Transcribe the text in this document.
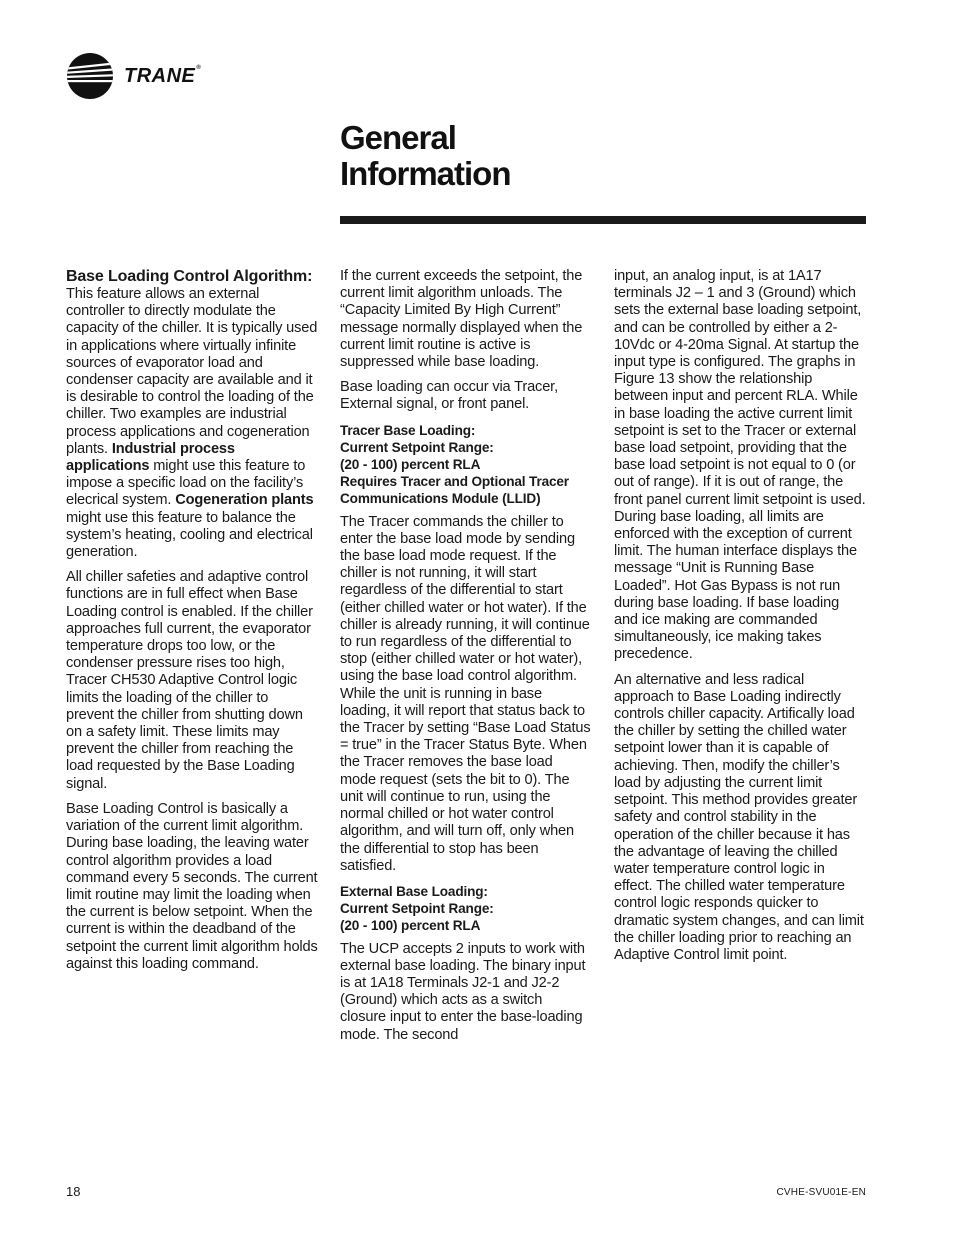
TRANE®
General
Information
Base Loading Control Algorithm:

This feature allows an external controller to directly modulate the capacity of the chiller. It is typically used in applications where virtually infinite sources of evaporator load and condenser capacity are available and it is desirable to control the loading of the chiller. Two examples are industrial process applications and cogeneration plants. Industrial process applications might use this feature to impose a specific load on the facility’s elecrical system. Cogeneration plants might use this feature to balance the system’s heating, cooling and electrical generation.

All chiller safeties and adaptive control functions are in full effect when Base Loading control is enabled. If the chiller approaches full current, the evaporator temperature drops too low, or the condenser pressure rises too high, Tracer CH530 Adaptive Control logic limits the loading of the chiller to prevent the chiller from shutting down on a safety limit. These limits may prevent the chiller from reaching the load requested by the Base Loading signal.

Base Loading Control is basically a variation of the current limit algorithm. During base loading, the leaving water control algorithm provides a load command every 5 seconds. The current limit routine may limit the loading when the current is below setpoint. When the current is within the deadband of the setpoint the current limit algorithm holds against this loading command.

If the current exceeds the setpoint, the current limit algorithm unloads. The “Capacity Limited By High Current” message normally displayed when the current limit routine is active is suppressed while base loading.

Base loading can occur via Tracer, External signal, or front panel.

Tracer Base Loading:
Current Setpoint Range:
(20 - 100) percent RLA
Requires Tracer and Optional Tracer Communications Module (LLID)

The Tracer commands the chiller to enter the base load mode by sending the base load mode request. If the chiller is not running, it will start regardless of the differential to start (either chilled water or hot water). If the chiller is already running, it will continue to run regardless of the differential to stop (either chilled water or hot water), using the base load control algorithm. While the unit is running in base loading, it will report that status back to the Tracer by setting “Base Load Status = true” in the Tracer Status Byte. When the Tracer removes the base load mode request (sets the bit to 0). The unit will continue to run, using the normal chilled or hot water control algorithm, and will turn off, only when the differential to stop has been satisfied.

External Base Loading:
Current Setpoint Range:
(20 - 100) percent RLA

The UCP accepts 2 inputs to work with external base loading. The binary input is at 1A18 Terminals J2-1 and J2-2 (Ground) which acts as a switch closure input to enter the base-loading mode. The second

input, an analog input, is at 1A17 terminals J2 – 1 and 3 (Ground) which sets the external base loading setpoint, and can be controlled by either a 2-10Vdc or 4-20ma Signal. At startup the input type is configured. The graphs in Figure 13 show the relationship between input and percent RLA. While in base loading the active current limit setpoint is set to the Tracer or external base load setpoint, providing that the base load setpoint is not equal to 0 (or out of range). If it is out of range, the front panel current limit setpoint is used. During base loading, all limits are enforced with the exception of current limit. The human interface displays the message “Unit is Running Base Loaded”. Hot Gas Bypass is not run during base loading. If base loading and ice making are commanded simultaneously, ice making takes precedence.

An alternative and less radical approach to Base Loading indirectly controls chiller capacity. Artifically load the chiller by setting the chilled water setpoint lower than it is capable of achieving. Then, modify the chiller’s load by adjusting the current limit setpoint. This method provides greater safety and control stability in the operation of the chiller because it has the advantage of leaving the chilled water temperature control logic in effect. The chilled water temperature control logic responds quicker to dramatic system changes, and can limit the chiller loading prior to reaching an Adaptive Control limit point.

18	CVHE-SVU01E-EN
